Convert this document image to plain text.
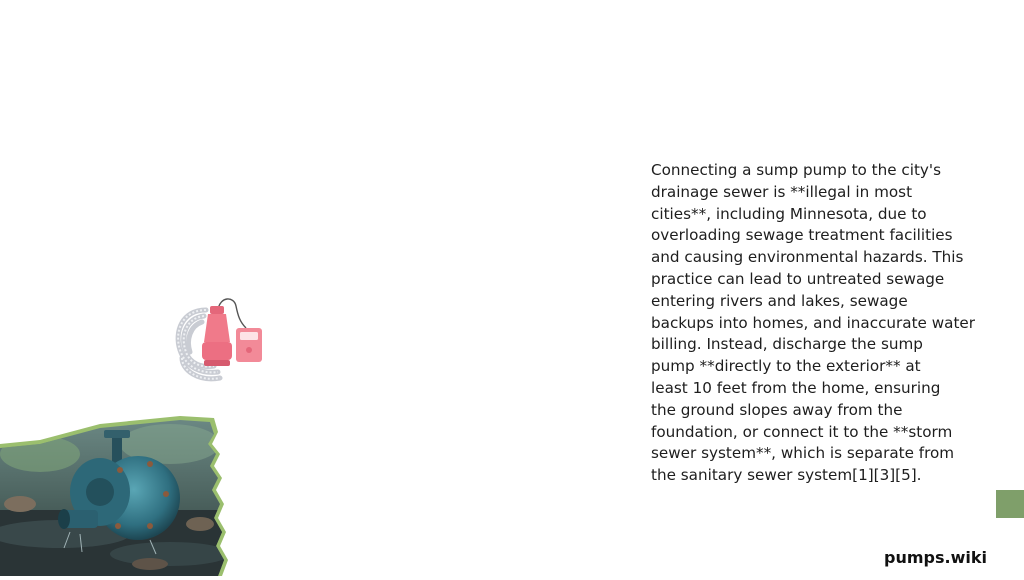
Connecting a sump pump to the city's
drainage sewer is **illegal in most
cities**, including Minnesota, due to
overloading sewage treatment facilities
and causing environmental hazards. This
practice can lead to untreated sewage
entering rivers and lakes, sewage
backups into homes, and inaccurate water
billing. Instead, discharge the sump
pump **directly to the exterior** at
least 10 feet from the home, ensuring
the ground slopes away from the
foundation, or connect it to the **storm
sewer system**, which is separate from
the sanitary sewer system[1][3][5].
pumps.wiki
